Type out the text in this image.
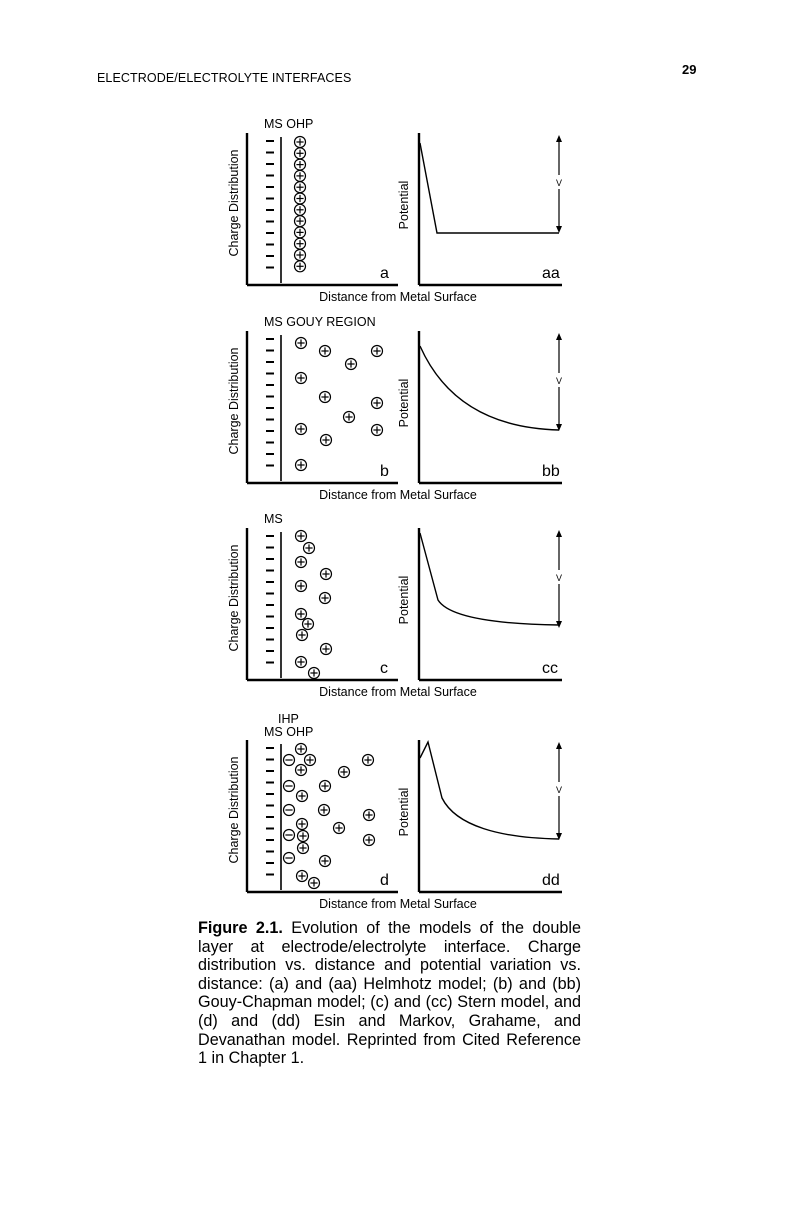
ELECTRODE/ELECTROLYTE INTERFACES
29
MS OHP
Charge Distribution
a
Potential	V
aa
Distance from Metal Surface
MS GOUY REGION
Charge Distribution
b
Potential	V
bb
Distance from Metal Surface
MS
Charge Distribution
c
Potential	V
cc
Distance from Metal Surface
IHP
MS OHP
Charge Distribution
d
Potential	V
dd
Distance from Metal Surface
Figure 2.1. Evolution of the models of the double layer at electrode/electrolyte interface. Charge distribution vs. distance and potential variation vs. distance: (a) and (aa) Helmhotz model; (b) and (bb) Gouy-Chapman model; (c) and (cc) Stern model, and (d) and (dd) Esin and Markov, Grahame, and Devanathan model. Reprinted from Cited Reference 1 in Chapter 1.
